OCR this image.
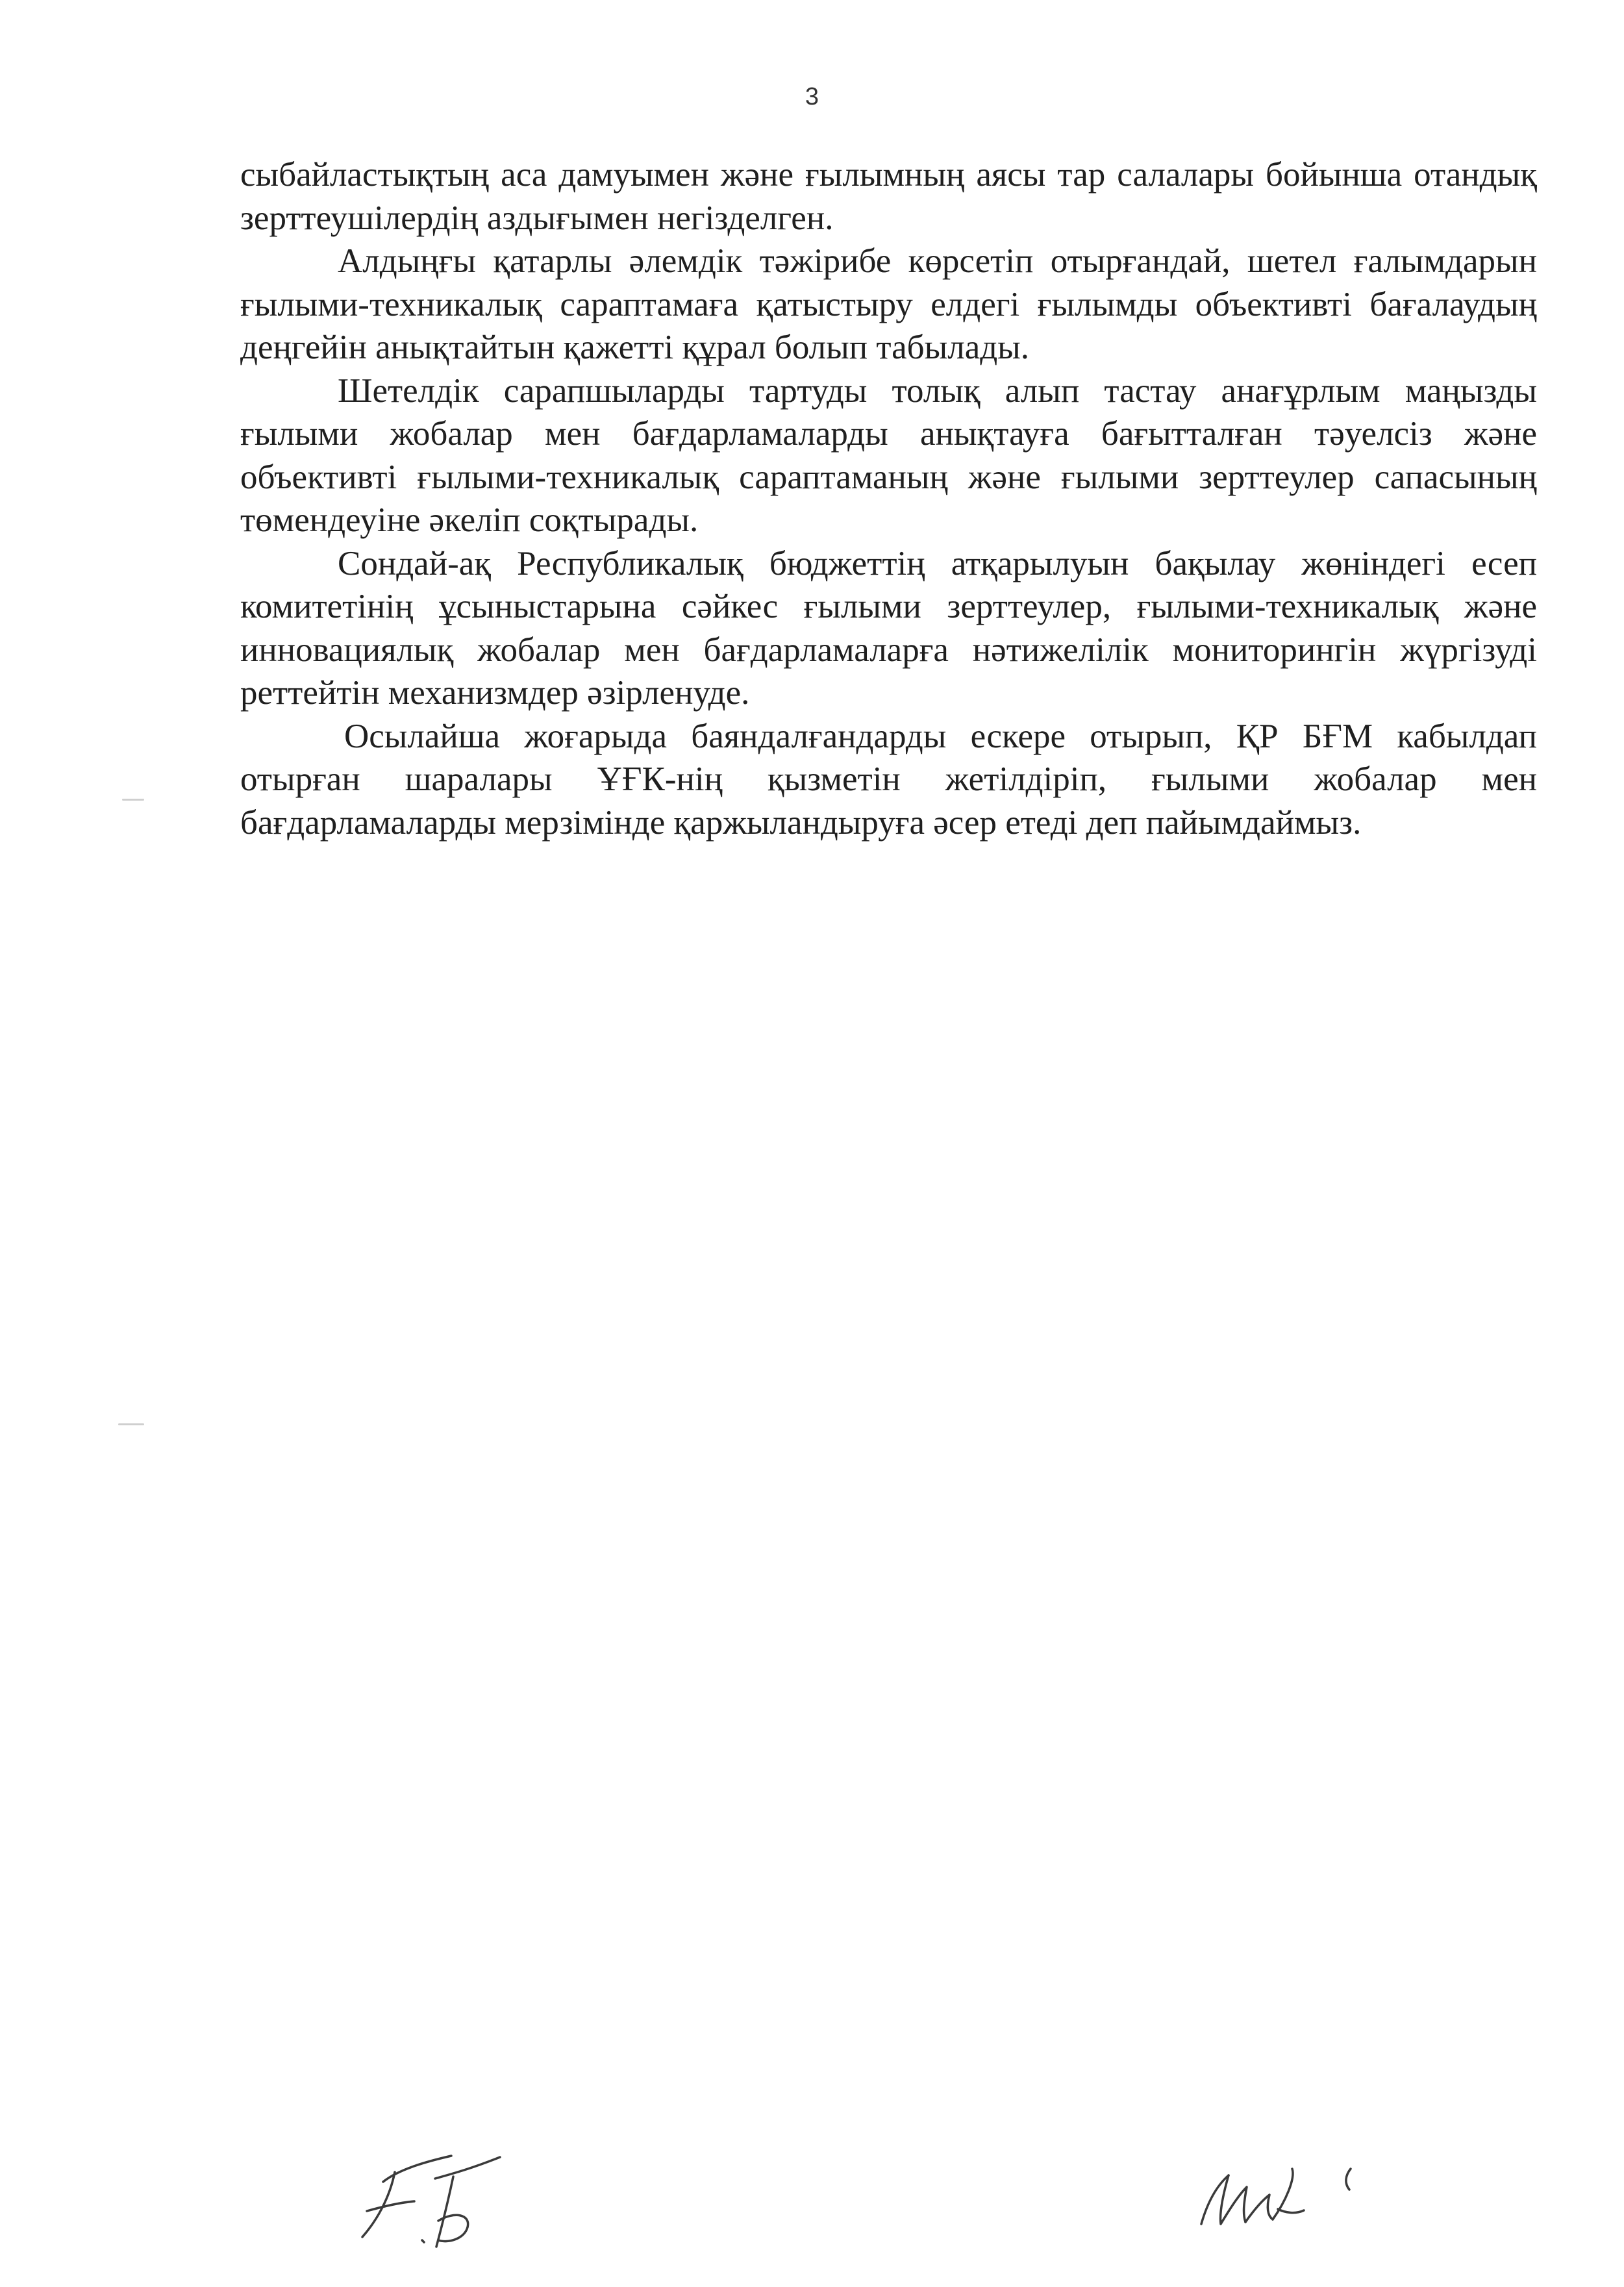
3

сыбайластықтың аса дамуымен және ғылымның аясы тар салалары бойынша отандық зерттеушілердің аздығымен негізделген.

Алдыңғы қатарлы әлемдік тәжірибе көрсетіп отырғандай, шетел ғалымдарын ғылыми-техникалық сараптамаға қатыстыру елдегі ғылымды объективті бағалаудың деңгейін анықтайтын қажетті құрал болып табылады.

Шетелдік сарапшыларды тартуды толық алып тастау анағұрлым маңызды ғылыми жобалар мен бағдарламаларды анықтауға бағытталған тәуелсіз және объективті ғылыми-техникалық сараптаманың және ғылыми зерттеулер сапасының төмендеуіне әкеліп соқтырады.

Сондай-ақ Республикалық бюджеттің атқарылуын бақылау жөніндегі есеп комитетінің ұсыныстарына сәйкес ғылыми зерттеулер, ғылыми-техникалық және инновациялық жобалар мен бағдарламаларға нәтижелілік мониторингін жүргізуді реттейтін механизмдер әзірленуде.

Осылайша жоғарыда баяндалғандарды ескере отырып, ҚР БҒМ кабылдап отырған шаралары ҰҒК-нің қызметін жетілдіріп, ғылыми жобалар мен бағдарламаларды мерзімінде қаржыландыруға әсер етеді деп пайымдаймыз.
